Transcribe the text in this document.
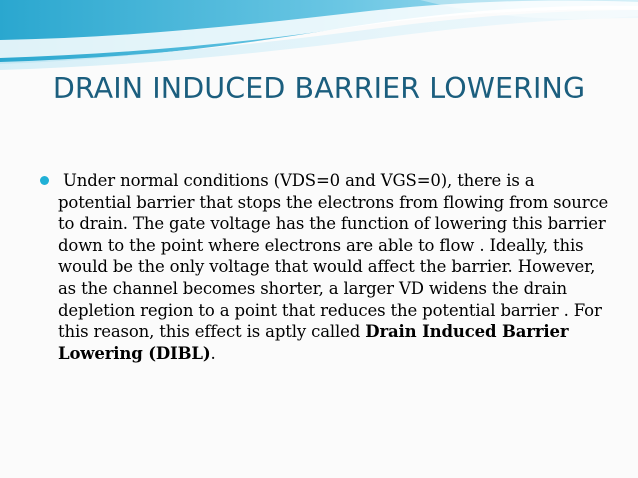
DRAIN INDUCED BARRIER LOWERING

Under normal conditions (VDS=0 and VGS=0), there is a potential barrier that stops the electrons from flowing from source to drain. The gate voltage has the function of lowering this barrier down to the point where electrons are able to flow . Ideally, this would be the only voltage that would affect the barrier. However, as the channel becomes shorter, a larger VD widens the drain depletion region to a point that reduces the potential barrier . For this reason, this effect is aptly called Drain Induced Barrier Lowering (DIBL).
